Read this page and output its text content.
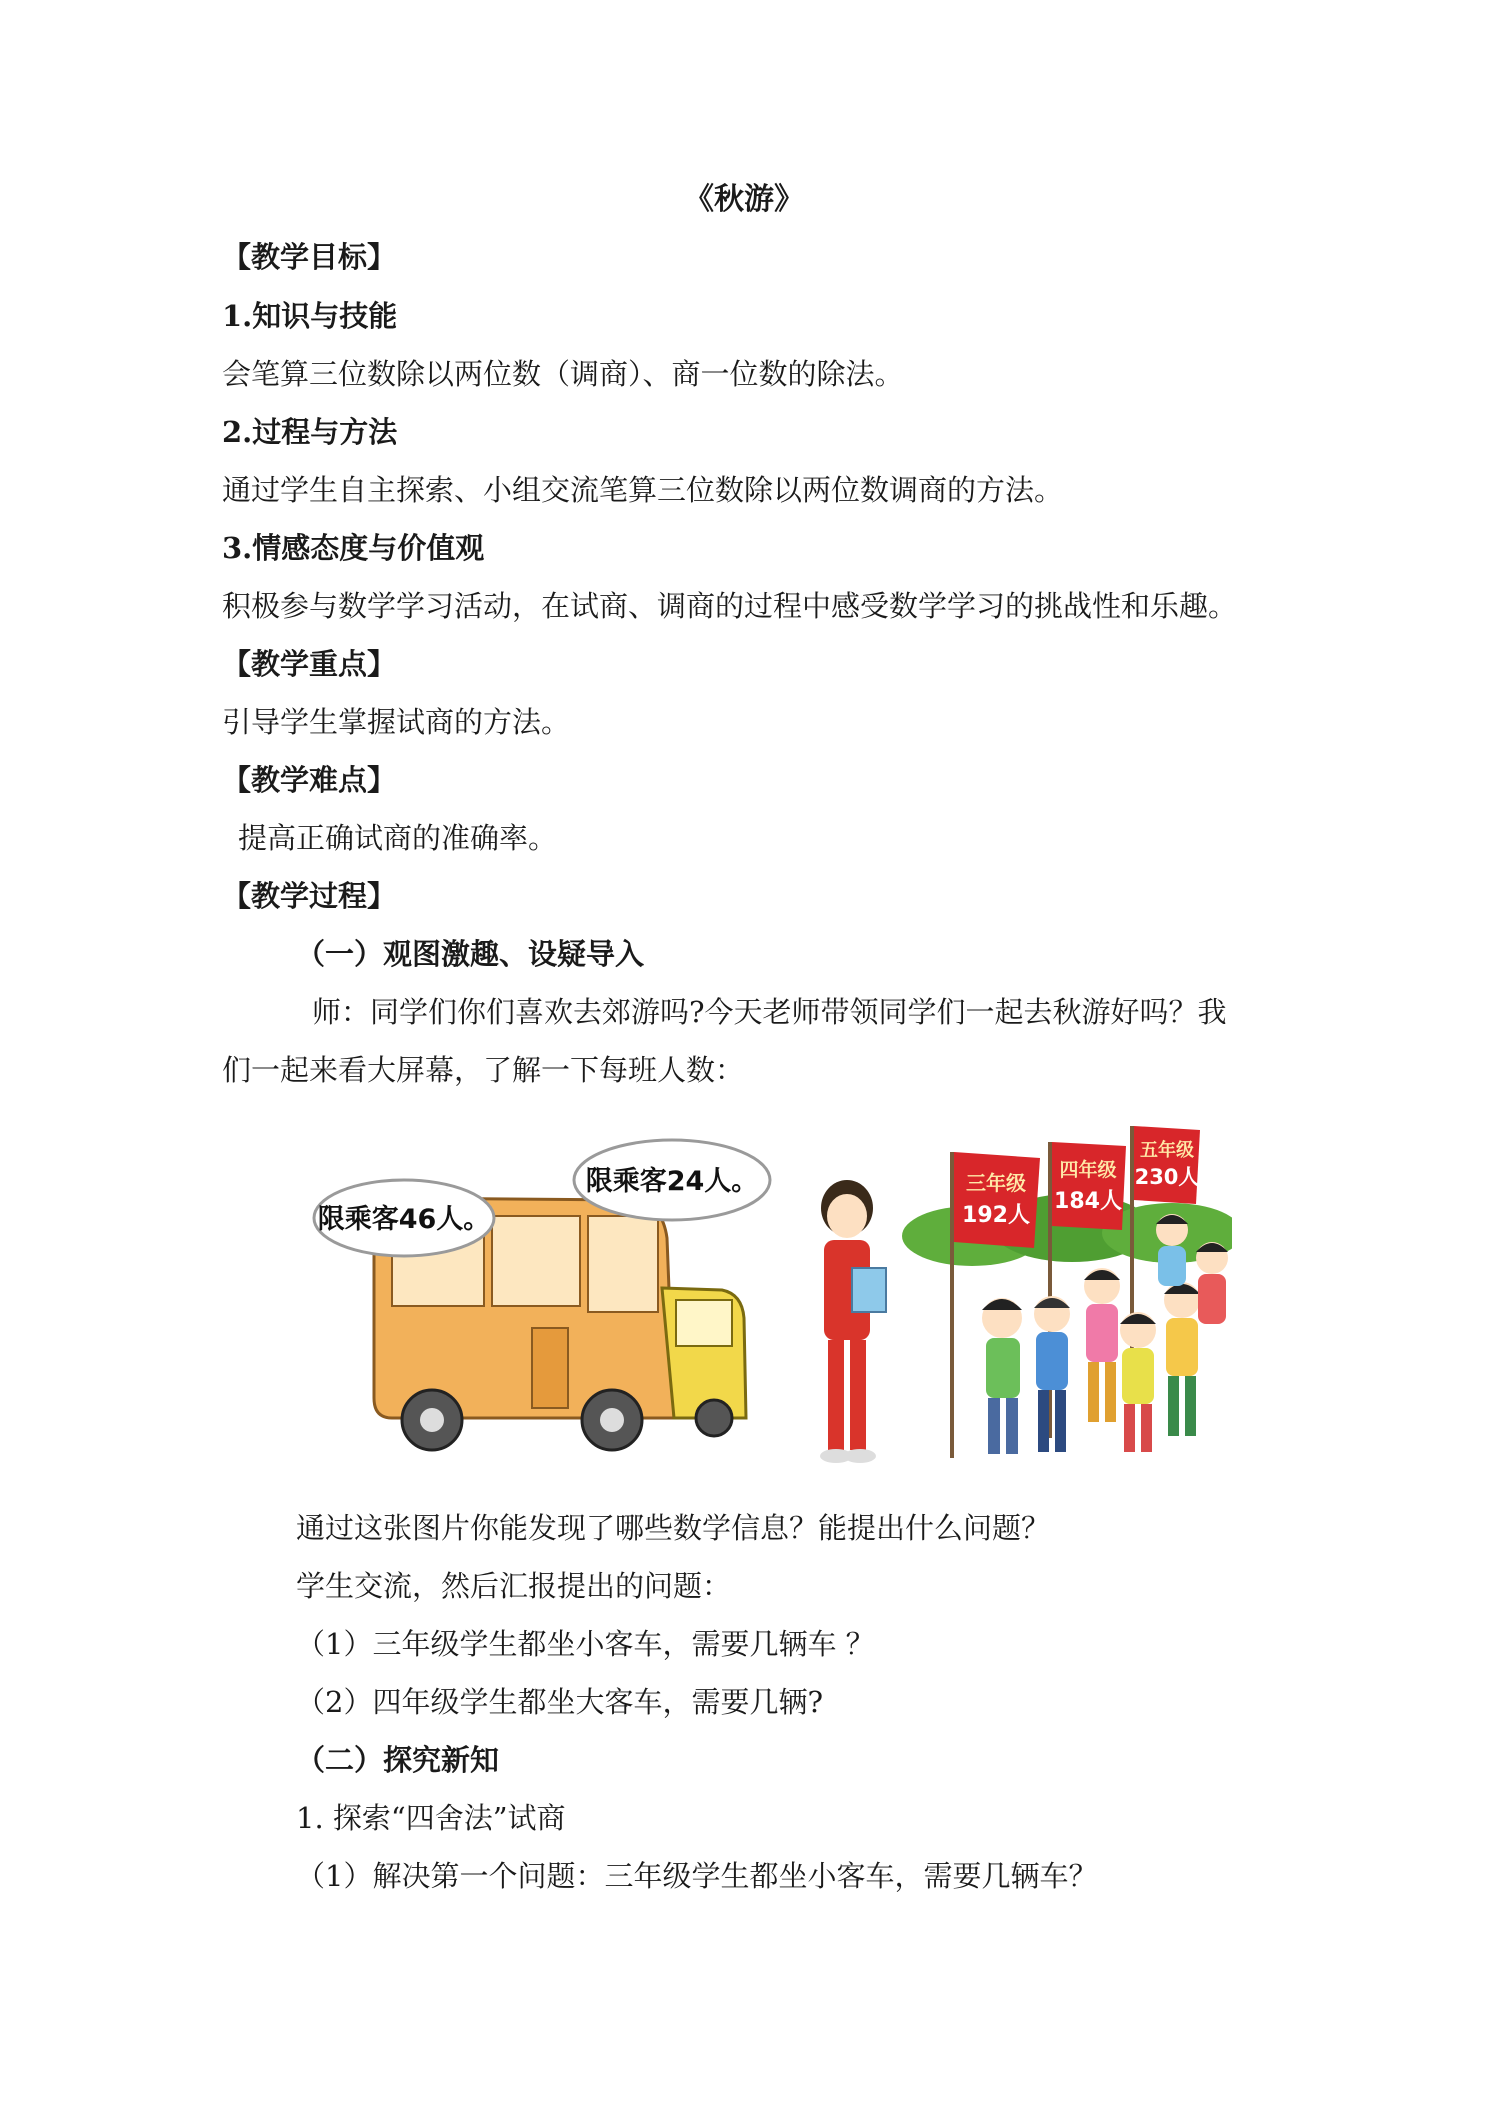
《秋游》
【教学目标】
1.知识与技能
会笔算三位数除以两位数（调商）、商一位数的除法。
2.过程与方法
通过学生自主探索、小组交流笔算三位数除以两位数调商的方法。
3.情感态度与价值观
积极参与数学学习活动，在试商、调商的过程中感受数学学习的挑战性和乐趣。
【教学重点】
引导学生掌握试商的方法。
【教学难点】
提高正确试商的准确率。
【教学过程】
（一）观图激趣、设疑导入
师：同学们你们喜欢去郊游吗?今天老师带领同学们一起去秋游好吗？我
们一起来看大屏幕，了解一下每班人数：
限乘客46人。
限乘客24人。	三年级
192人
四年级
184人
五年级
230人
通过这张图片你能发现了哪些数学信息？能提出什么问题？
学生交流，然后汇报提出的问题：
（1）三年级学生都坐小客车，需要几辆车 ？
（2）四年级学生都坐大客车，需要几辆?
（二）探究新知
1. 探索“四舍法”试商
（1）解决第一个问题：三年级学生都坐小客车，需要几辆车？
